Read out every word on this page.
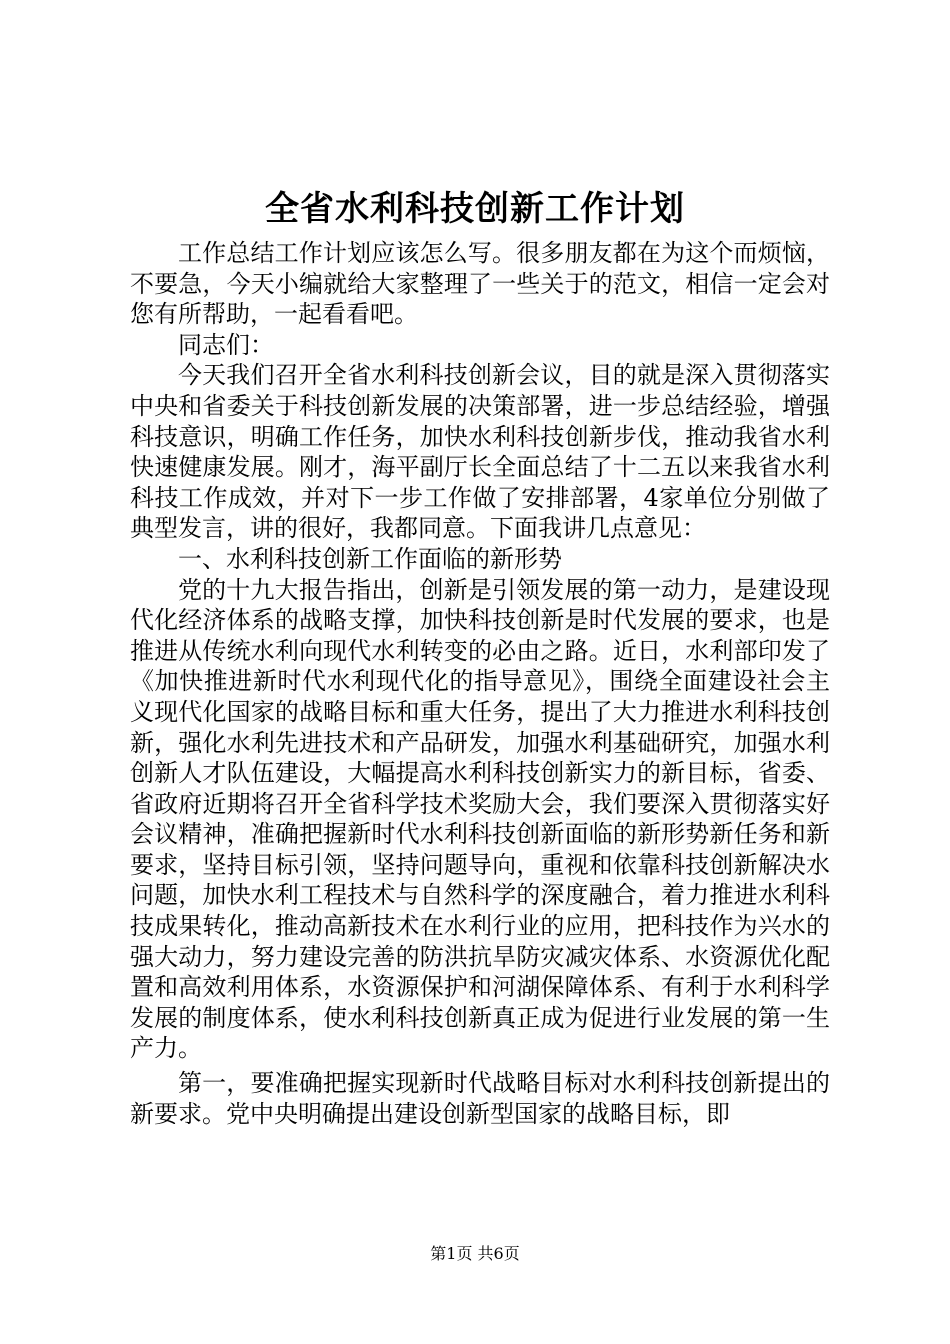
全省水利科技创新工作计划

工作总结工作计划应该怎么写。很多朋友都在为这个而烦恼，不要急，今天小编就给大家整理了一些关于的范文，相信一定会对您有所帮助，一起看看吧。

同志们：

今天我们召开全省水利科技创新会议，目的就是深入贯彻落实中央和省委关于科技创新发展的决策部署，进一步总结经验，增强科技意识，明确工作任务，加快水利科技创新步伐，推动我省水利快速健康发展。刚才，海平副厅长全面总结了十二五以来我省水利科技工作成效，并对下一步工作做了安排部署，4家单位分别做了典型发言，讲的很好，我都同意。下面我讲几点意见：

一、水利科技创新工作面临的新形势

党的十九大报告指出，创新是引领发展的第一动力，是建设现代化经济体系的战略支撑，加快科技创新是时代发展的要求，也是推进从传统水利向现代水利转变的必由之路。近日，水利部印发了《加快推进新时代水利现代化的指导意见》，围绕全面建设社会主义现代化国家的战略目标和重大任务，提出了大力推进水利科技创新，强化水利先进技术和产品研发，加强水利基础研究，加强水利创新人才队伍建设，大幅提高水利科技创新实力的新目标，省委、省政府近期将召开全省科学技术奖励大会，我们要深入贯彻落实好会议精神，准确把握新时代水利科技创新面临的新形势新任务和新要求，坚持目标引领，坚持问题导向，重视和依靠科技创新解决水问题，加快水利工程技术与自然科学的深度融合，着力推进水利科技成果转化，推动高新技术在水利行业的应用，把科技作为兴水的强大动力，努力建设完善的防洪抗旱防灾减灾体系、水资源优化配置和高效利用体系，水资源保护和河湖保障体系、有利于水利科学发展的制度体系，使水利科技创新真正成为促进行业发展的第一生产力。

第一，要准确把握实现新时代战略目标对水利科技创新提出的新要求。党中央明确提出建设创新型国家的战略目标，即

第1页 共6页
